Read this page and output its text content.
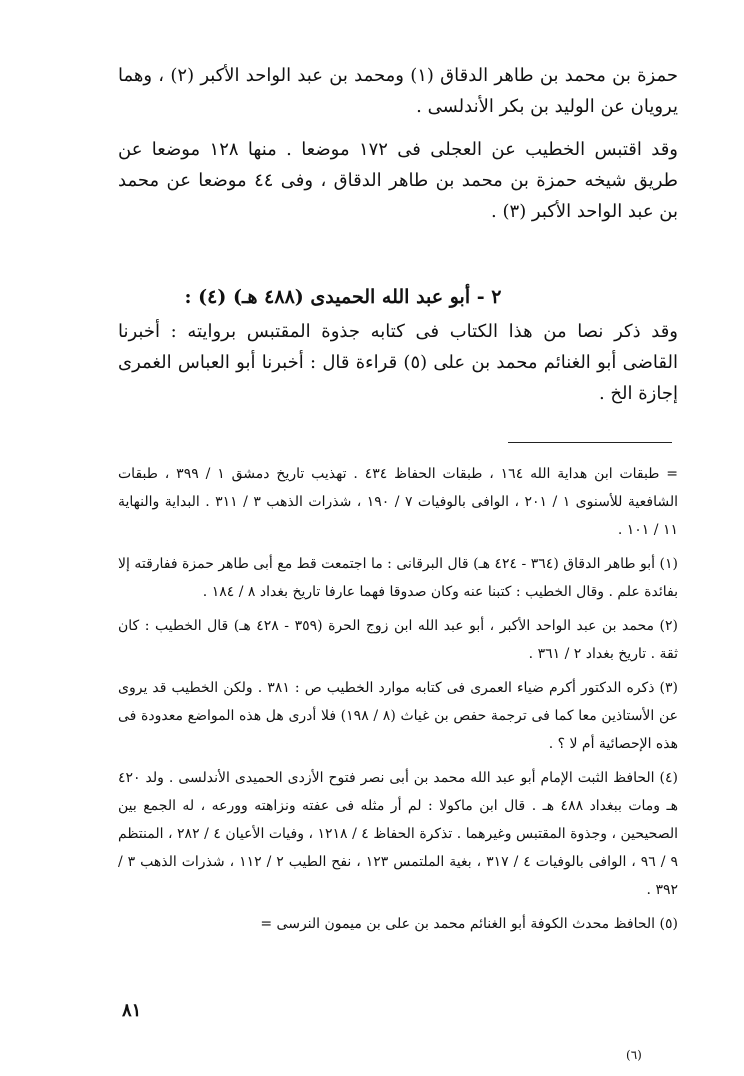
حمزة بن محمد بن طاهر الدقاق (١) ومحمد بن عبد الواحد الأكبر (٢) ، وهما يرويان عن الوليد بن بكر الأندلسى .

وقد اقتبس الخطيب عن العجلى فى ١٧٢ موضعا . منها ١٢٨ موضعا عن طريق شيخه حمزة بن محمد بن طاهر الدقاق ، وفى ٤٤ موضعا عن محمد بن عبد الواحد الأكبر (٣) .

٢ - أبو عبد الله الحميدى (٤٨٨ هـ) (٤) :

وقد ذكر نصا من هذا الكتاب فى كتابه جذوة المقتبس بروايته : أخبرنا القاضى أبو الغنائم محمد بن على (٥) قراءة قال : أخبرنا أبو العباس الغمرى إجازة الخ .

= طبقات ابن هداية الله ١٦٤ ، طبقات الحفاظ ٤٣٤ . تهذيب تاريخ دمشق ١ / ٣٩٩ ، طبقات الشافعية للأسنوى ١ / ٢٠١ ، الوافى بالوفيات ٧ / ١٩٠ ، شذرات الذهب ٣ / ٣١١ . البداية والنهاية ١١ / ١٠١ .

(١) أبو طاهر الدقاق (٣٦٤ - ٤٢٤ هـ) قال البرقانى : ما اجتمعت قط مع أبى طاهر حمزة ففارقته إلا بفائدة علم . وقال الخطيب : كتبنا عنه وكان صدوقا فهما عارفا تاريخ بغداد ٨ / ١٨٤ .

(٢) محمد بن عبد الواحد الأكبر ، أبو عبد الله ابن زوج الحرة (٣٥٩ - ٤٢٨ هـ) قال الخطيب : كان ثقة . تاريخ بغداد ٢ / ٣٦١ .

(٣) ذكره الدكتور أكرم ضياء العمرى فى كتابه موارد الخطيب ص : ٣٨١ . ولكن الخطيب قد يروى عن الأستاذين معا كما فى ترجمة حفص بن غياث (٨ / ١٩٨) فلا أدرى هل هذه المواضع معدودة فى هذه الإحصائية أم لا ؟ .

(٤) الحافظ الثبت الإمام أبو عبد الله محمد بن أبى نصر فتوح الأزدى الحميدى الأندلسى . ولد ٤٢٠ هـ ومات ببغداد ٤٨٨ هـ . قال ابن ماكولا : لم أر مثله فى عفته ونزاهته وورعه ، له الجمع بين الصحيحين ، وجذوة المقتبس وغيرهما . تذكرة الحفاظ ٤ / ١٢١٨ ، وفيات الأعيان ٤ / ٢٨٢ ، المنتظم ٩ / ٩٦ ، الوافى بالوفيات ٤ / ٣١٧ ، بغية الملتمس ١٢٣ ، نفح الطيب ٢ / ١١٢ ، شذرات الذهب ٣ / ٣٩٢ .

(٥) الحافظ محدث الكوفة أبو الغنائم محمد بن على بن ميمون النرسى =

٨١
(٦)
